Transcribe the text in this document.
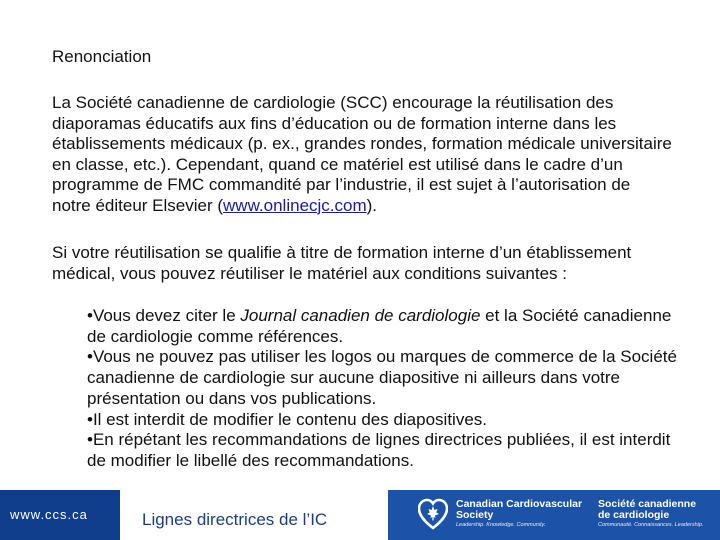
Renonciation
La Société canadienne de cardiologie (SCC) encourage la réutilisation des diaporamas éducatifs aux fins d’éducation ou de formation interne dans les établissements médicaux (p. ex., grandes rondes, formation médicale universitaire en classe, etc.). Cependant, quand ce matériel est utilisé dans le cadre d’un programme de FMC commandité par l’industrie, il est sujet à l’autorisation de notre éditeur Elsevier (www.onlinecjc.com).
Si votre réutilisation se qualifie à titre de formation interne d’un établissement médical, vous pouvez réutiliser le matériel aux conditions suivantes :

•Vous devez citer le Journal canadien de cardiologie et la Société canadienne de cardiologie comme références.

•Vous ne pouvez pas utiliser les logos ou marques de commerce de la Société canadienne de cardiologie sur aucune diapositive ni ailleurs dans votre présentation ou dans vos publications.

•Il est interdit de modifier le contenu des diapositives.

•En répétant les recommandations de lignes directrices publiées, il est interdit de modifier le libellé des recommandations.

www.ccs.ca	Lignes directrices de l’IC
Canadian Cardiovascular
Society
Leadership. Knowledge. Community.
Société canadienne
de cardiologie
Communauté. Connaissances. Leadership.
